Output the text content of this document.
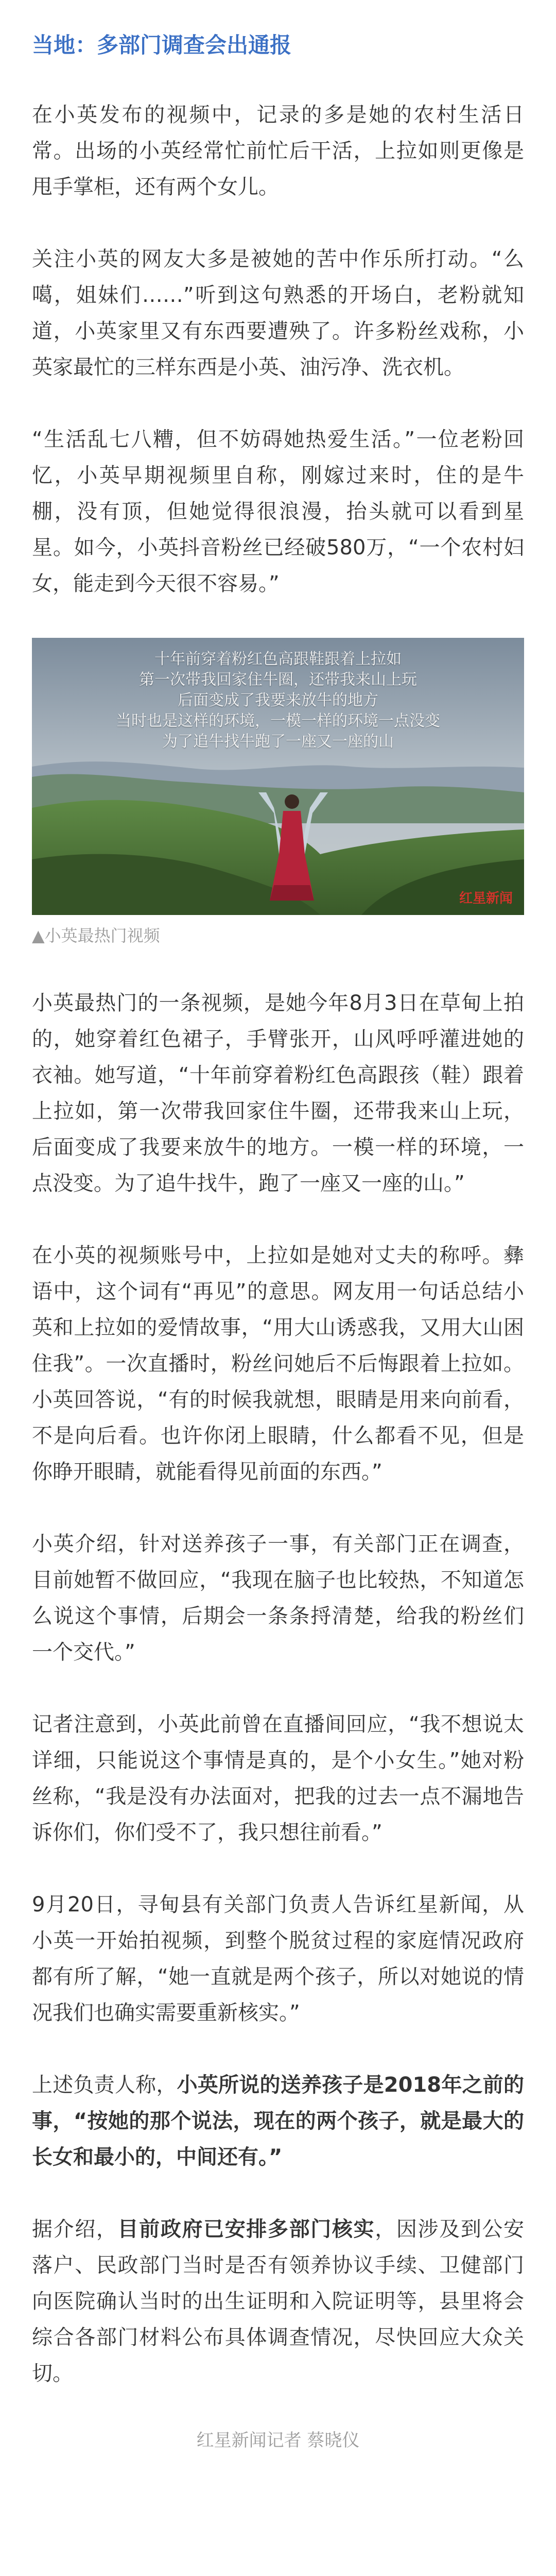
当地：多部门调查会出通报

在小英发布的视频中，记录的多是她的农村生活日常。出场的小英经常忙前忙后干活，上拉如则更像是甩手掌柜，还有两个女儿。

关注小英的网友大多是被她的苦中作乐所打动。“么噶，姐妹们……”听到这句熟悉的开场白，老粉就知道，小英家里又有东西要遭殃了。许多粉丝戏称，小英家最忙的三样东西是小英、油污净、洗衣机。

“生活乱七八糟，但不妨碍她热爱生活。”一位老粉回忆，小英早期视频里自称，刚嫁过来时，住的是牛棚，没有顶，但她觉得很浪漫，抬头就可以看到星星。如今，小英抖音粉丝已经破580万，“一个农村妇女，能走到今天很不容易。”

十年前穿着粉红色高跟鞋跟着上拉如
第一次带我回家住牛圈，还带我来山上玩
后面变成了我要来放牛的地方
当时也是这样的环境，一模一样的环境一点没变
为了追牛找牛跑了一座又一座的山
红星新闻
▲小英最热门视频

小英最热门的一条视频，是她今年8月3日在草甸上拍的，她穿着红色裙子，手臂张开，山风呼呼灌进她的衣袖。她写道，“十年前穿着粉红色高跟孩（鞋）跟着上拉如，第一次带我回家住牛圈，还带我来山上玩，后面变成了我要来放牛的地方。一模一样的环境，一点没变。为了追牛找牛，跑了一座又一座的山。”

在小英的视频账号中，上拉如是她对丈夫的称呼。彝语中，这个词有“再见”的意思。网友用一句话总结小英和上拉如的爱情故事，“用大山诱惑我，又用大山困住我”。一次直播时，粉丝问她后不后悔跟着上拉如。小英回答说，“有的时候我就想，眼睛是用来向前看，不是向后看。也许你闭上眼睛，什么都看不见，但是你睁开眼睛，就能看得见前面的东西。”

小英介绍，针对送养孩子一事，有关部门正在调查，目前她暂不做回应，“我现在脑子也比较热，不知道怎么说这个事情，后期会一条条捋清楚，给我的粉丝们一个交代。”

记者注意到，小英此前曾在直播间回应，“我不想说太详细，只能说这个事情是真的，是个小女生。”她对粉丝称，“我是没有办法面对，把我的过去一点不漏地告诉你们，你们受不了，我只想往前看。”

9月20日，寻甸县有关部门负责人告诉红星新闻，从小英一开始拍视频，到整个脱贫过程的家庭情况政府都有所了解，“她一直就是两个孩子，所以对她说的情况我们也确实需要重新核实。”

上述负责人称，小英所说的送养孩子是2018年之前的事，“按她的那个说法，现在的两个孩子，就是最大的长女和最小的，中间还有。”

据介绍，目前政府已安排多部门核实，因涉及到公安落户、民政部门当时是否有领养协议手续、卫健部门向医院确认当时的出生证明和入院证明等，县里将会综合各部门材料公布具体调查情况，尽快回应大众关切。

红星新闻记者 蔡晓仪
